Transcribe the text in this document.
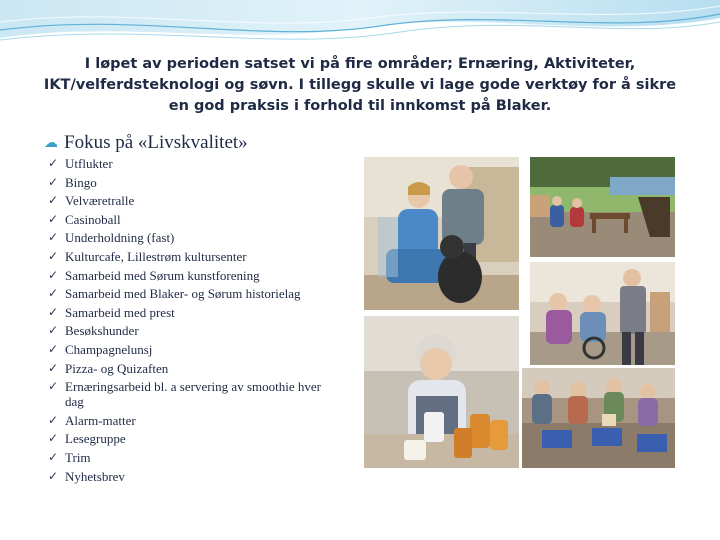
I løpet av perioden satset vi på fire områder; Ernæring, Aktiviteter, IKT/velferdsteknologi og søvn. I tillegg skulle vi lage gode verktøy for å sikre en god praksis i forhold til innkomst på Blaker.
☁ Fokus på «Livskvalitet»
✓ Utflukter
✓ Bingo
✓ Velværetralle
✓ Casinoball
✓ Underholdning (fast)
✓ Kulturcafe, Lillestrøm kultursenter
✓ Samarbeid med Sørum kunstforening
✓ Samarbeid med Blaker- og Sørum historielag
✓ Samarbeid med prest
✓ Besøkshunder
✓ Champagnelunsj
✓ Pizza- og Quizaften
✓ Ernæringsarbeid bl. a servering av smoothie hver dag
✓ Alarm-matter
✓ Lesegruppe
✓ Trim
✓ Nyhetsbrev
